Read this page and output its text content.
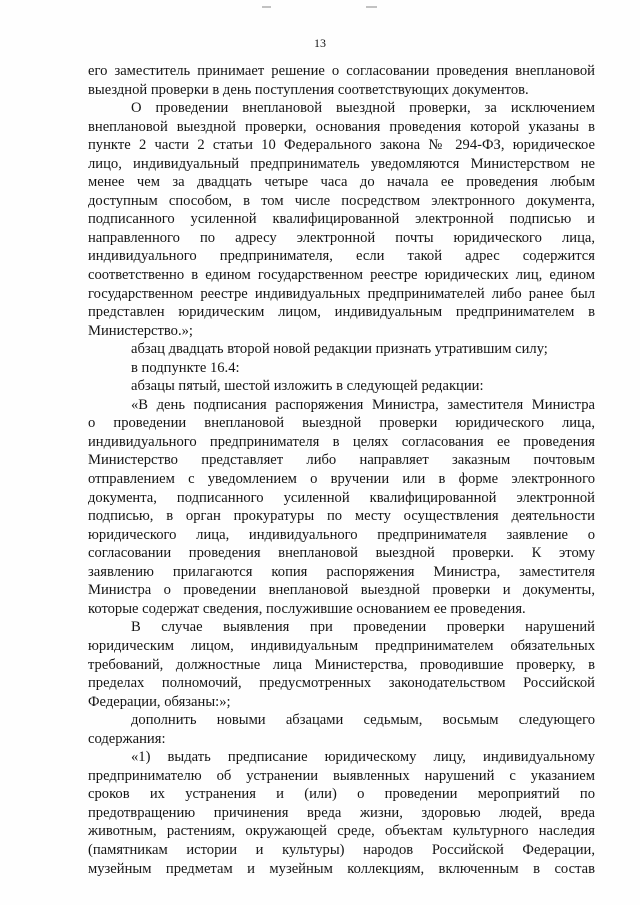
13

его заместитель принимает решение о согласовании проведения внеплановой

выездной проверки в день поступления соответствующих документов.

О проведении внеплановой выездной проверки, за исключением

внеплановой выездной проверки, основания проведения которой указаны в

пункте 2 части 2 статьи 10 Федерального закона № 294-ФЗ, юридическое

лицо, индивидуальный предприниматель уведомляются Министерством не

менее чем за двадцать четыре часа до начала ее проведения любым

доступным способом, в том числе посредством электронного документа,

подписанного усиленной квалифицированной электронной подписью и

направленного по адресу электронной почты юридического лица,

индивидуального предпринимателя, если такой адрес содержится

соответственно в едином государственном реестре юридических лиц, едином

государственном реестре индивидуальных предпринимателей либо ранее был

представлен юридическим лицом, индивидуальным предпринимателем в

Министерство.»;

абзац двадцать второй новой редакции признать утратившим силу;

в подпункте 16.4:

абзацы пятый, шестой изложить в следующей редакции:

«В день подписания распоряжения Министра, заместителя Министра

о проведении внеплановой выездной проверки юридического лица,

индивидуального предпринимателя в целях согласования ее проведения

Министерство представляет либо направляет заказным почтовым

отправлением с уведомлением о вручении или в форме электронного

документа, подписанного усиленной квалифицированной электронной

подписью, в орган прокуратуры по месту осуществления деятельности

юридического лица, индивидуального предпринимателя заявление о

согласовании проведения внеплановой выездной проверки. К этому

заявлению прилагаются копия распоряжения Министра, заместителя

Министра о проведении внеплановой выездной проверки и документы,

которые содержат сведения, послужившие основанием ее проведения.

В случае выявления при проведении проверки нарушений

юридическим лицом, индивидуальным предпринимателем обязательных

требований, должностные лица Министерства, проводившие проверку, в

пределах полномочий, предусмотренных законодательством Российской

Федерации, обязаны:»;

дополнить новыми абзацами седьмым, восьмым следующего

содержания:

«1) выдать предписание юридическому лицу, индивидуальному

предпринимателю об устранении выявленных нарушений с указанием

сроков их устранения и (или) о проведении мероприятий по

предотвращению причинения вреда жизни, здоровью людей, вреда

животным, растениям, окружающей среде, объектам культурного наследия

(памятникам истории и культуры) народов Российской Федерации,

музейным предметам и музейным коллекциям, включенным в состав
